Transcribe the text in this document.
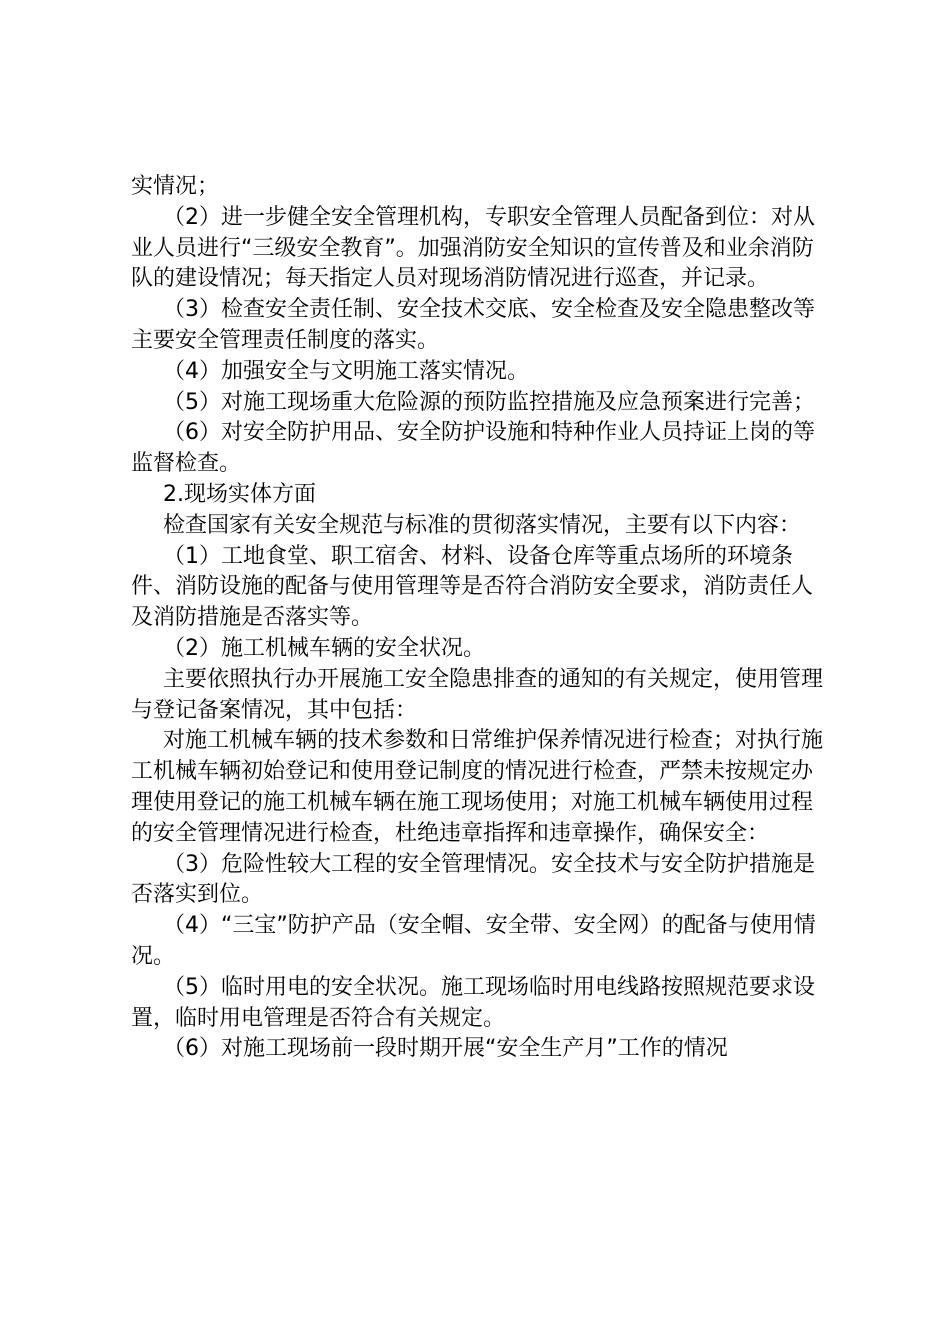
实情况；

（2）进一步健全安全管理机构，专职安全管理人员配备到位：对从业人员进行“三级安全教育”。加强消防安全知识的宣传普及和业余消防队的建设情况；每天指定人员对现场消防情况进行巡查，并记录。

（3）检查安全责任制、安全技术交底、安全检查及安全隐患整改等主要安全管理责任制度的落实。

（4）加强安全与文明施工落实情况。

（5）对施工现场重大危险源的预防监控措施及应急预案进行完善；

（6）对安全防护用品、安全防护设施和特种作业人员持证上岗的等监督检查。

2.现场实体方面

检查国家有关安全规范与标准的贯彻落实情况，主要有以下内容：

（1）工地食堂、职工宿舍、材料、设备仓库等重点场所的环境条件、消防设施的配备与使用管理等是否符合消防安全要求，消防责任人及消防措施是否落实等。

（2）施工机械车辆的安全状况。

主要依照执行办开展施工安全隐患排查的通知的有关规定，使用管理与登记备案情况，其中包括：

对施工机械车辆的技术参数和日常维护保养情况进行检查；对执行施工机械车辆初始登记和使用登记制度的情况进行检查，严禁未按规定办理使用登记的施工机械车辆在施工现场使用；对施工机械车辆使用过程的安全管理情况进行检查，杜绝违章指挥和违章操作，确保安全：

（3）危险性较大工程的安全管理情况。安全技术与安全防护措施是否落实到位。

（4）“三宝”防护产品（安全帽、安全带、安全网）的配备与使用情况。

（5）临时用电的安全状况。施工现场临时用电线路按照规范要求设置，临时用电管理是否符合有关规定。

（6）对施工现场前一段时期开展“安全生产月”工作的情况
